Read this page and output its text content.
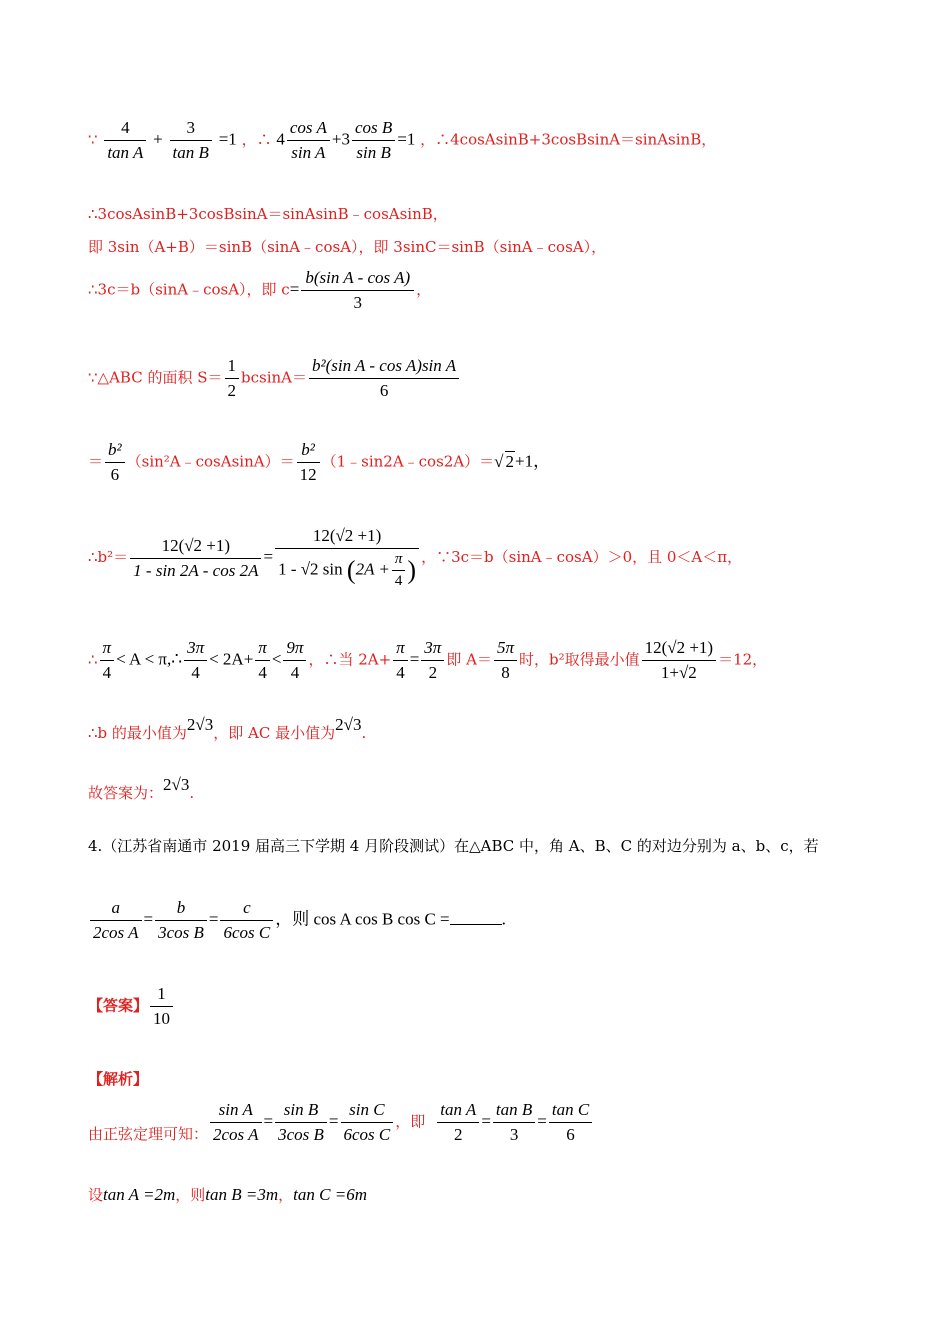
∵ $\frac{4}{\text{tan A}} + \frac{3}{\text{tan B}} =1$ ，∴ $4 \frac{\text{cos A}}{\text{sin A}} +3 \frac{\text{cos B}}{\text{sin B}} =1$ ，∴4cosAsinB+3cosBsinA＝sinAsinB，
∴3cosAsinB+3cosBsinA＝sinAsinB﹣cosAsinB，
即 3sin（A+B）＝sinB（sinA﹣cosA），即 3sinC＝sinB（sinA﹣cosA），
∴3c＝b（sinA﹣cosA），即 $c= \frac{\text{b(sin A - cos A)}}{3}$ ，
∵△ABC 的面积 $S= \frac{1}{2} bcsinA= \frac{\text{b²(sin A - cos A)sin A}}{6}$
＝ $\frac{\text{b²}}{6}$ （sin²A﹣cosAsinA）＝ $\frac{\text{b²}}{12}$ （1﹣sin2A﹣cos2A）＝√ 2+1，
∴b²＝ $\frac{12(√2 +1)}{1 - \sin 2A - \cos 2A} = \frac{12(√2 +1)}{1 - √2 \sin (2A + \frac{\pi}{4} )}$ ，∵3c＝b（sinA﹣cosA）＞0，且 0＜A＜π，
∴ $\frac{\pi}{4} < A$ < π,∴ $\frac{3\pi}{4} < 2A+ \frac{\pi}{4} < \frac{9\pi}{4}$ ，∴当 $2A+ \frac{\pi}{4} = \frac{3\pi}{2}$ 即 $A= \frac{5\pi}{8}$ 时，b²取得最小值 $\frac{12(√2 +1)}{1+√2} =12$，
∴b 的最小值为2√3，即 AC 最小值为2√3.
故答案为：2√3.
4.（江苏省南通市 2019 届高三下学期 4 月阶段测试）在△ABC 中，角 A、B、C 的对边分别为 a、b、c，若
$\frac{a}{\text{2cos A}} = \frac{b}{\text{3cos B}} = \frac{c}{\text{6cos C}}$ ，则 cos A cos B cos C =	.
【答案】 $\frac{1}{10}$
【解析】
由正弦定理可知： $\frac{\text{sin A}}{\text{2cos A}} = \frac{\text{sin B}}{\text{3cos B}} = \frac{\text{sin C}}{\text{6cos C}}$ ，即 $\frac{\text{tan A}}{2} = \frac{\text{tan B}}{3} = \frac{\text{tan C}}{6}$
设tan A =2m，则tan B =3m，tan C =6m
